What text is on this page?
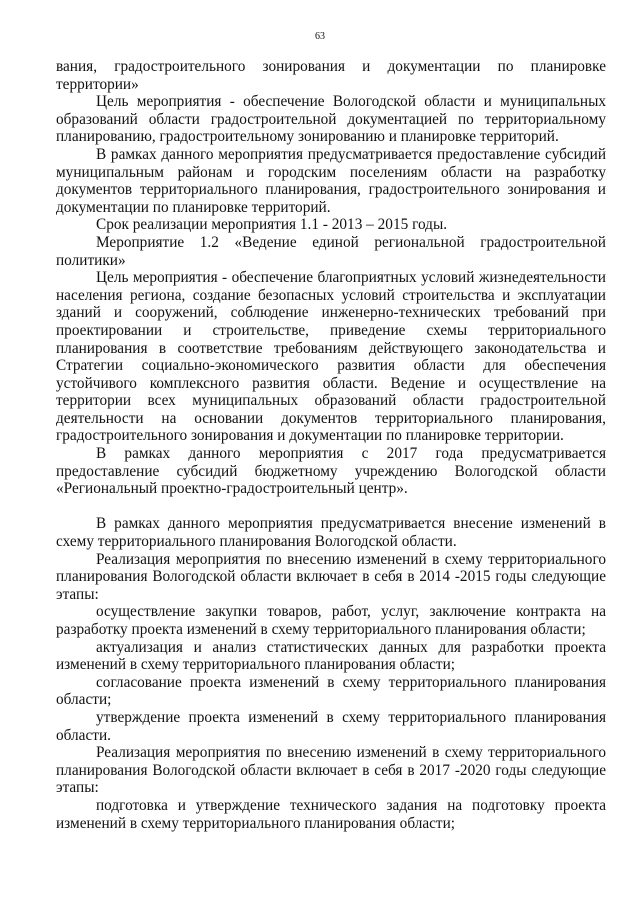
63

вания, градостроительного зонирования и документации по планировке территории»

Цель мероприятия - обеспечение Вологодской области и муниципальных образований области градостроительной документацией по территориальному планированию, градостроительному зонированию и планировке территорий.

В рамках данного мероприятия предусматривается предоставление субсидий муниципальным районам и городским поселениям области на разработку документов территориального планирования, градостроительного зонирования и документации по планировке территорий.

Срок реализации мероприятия 1.1 - 2013 – 2015 годы.

Мероприятие 1.2 «Ведение единой региональной градостроительной политики»

Цель мероприятия - обеспечение благоприятных условий жизнедеятельности населения региона, создание безопасных условий строительства и эксплуатации зданий и сооружений, соблюдение инженерно-технических требований при проектировании и строительстве, приведение схемы территориального планирования в соответствие требованиям действующего законодательства и Стратегии социально-экономического развития области для обеспечения устойчивого комплексного развития области. Ведение и осуществление на территории всех муниципальных образований области градостроительной деятельности на основании документов территориального планирования, градостроительного зонирования и документации по планировке территории.

В рамках данного мероприятия с 2017 года предусматривается предоставление субсидий бюджетному учреждению Вологодской области «Региональный проектно-градостроительный центр».

В рамках данного мероприятия предусматривается внесение изменений в схему территориального планирования Вологодской области.

Реализация мероприятия по внесению изменений в схему территориального планирования Вологодской области включает в себя в 2014 -2015 годы следующие этапы:

осуществление закупки товаров, работ, услуг, заключение контракта на разработку проекта изменений в схему территориального планирования области;

актуализация и анализ статистических данных для разработки проекта изменений в схему территориального планирования области;

согласование проекта изменений в схему территориального планирования области;

утверждение проекта изменений в схему территориального планирования области.

Реализация мероприятия по внесению изменений в схему территориального планирования Вологодской области включает в себя в 2017 -2020 годы следующие этапы:

подготовка и утверждение технического задания на подготовку проекта изменений в схему территориального планирования области;
